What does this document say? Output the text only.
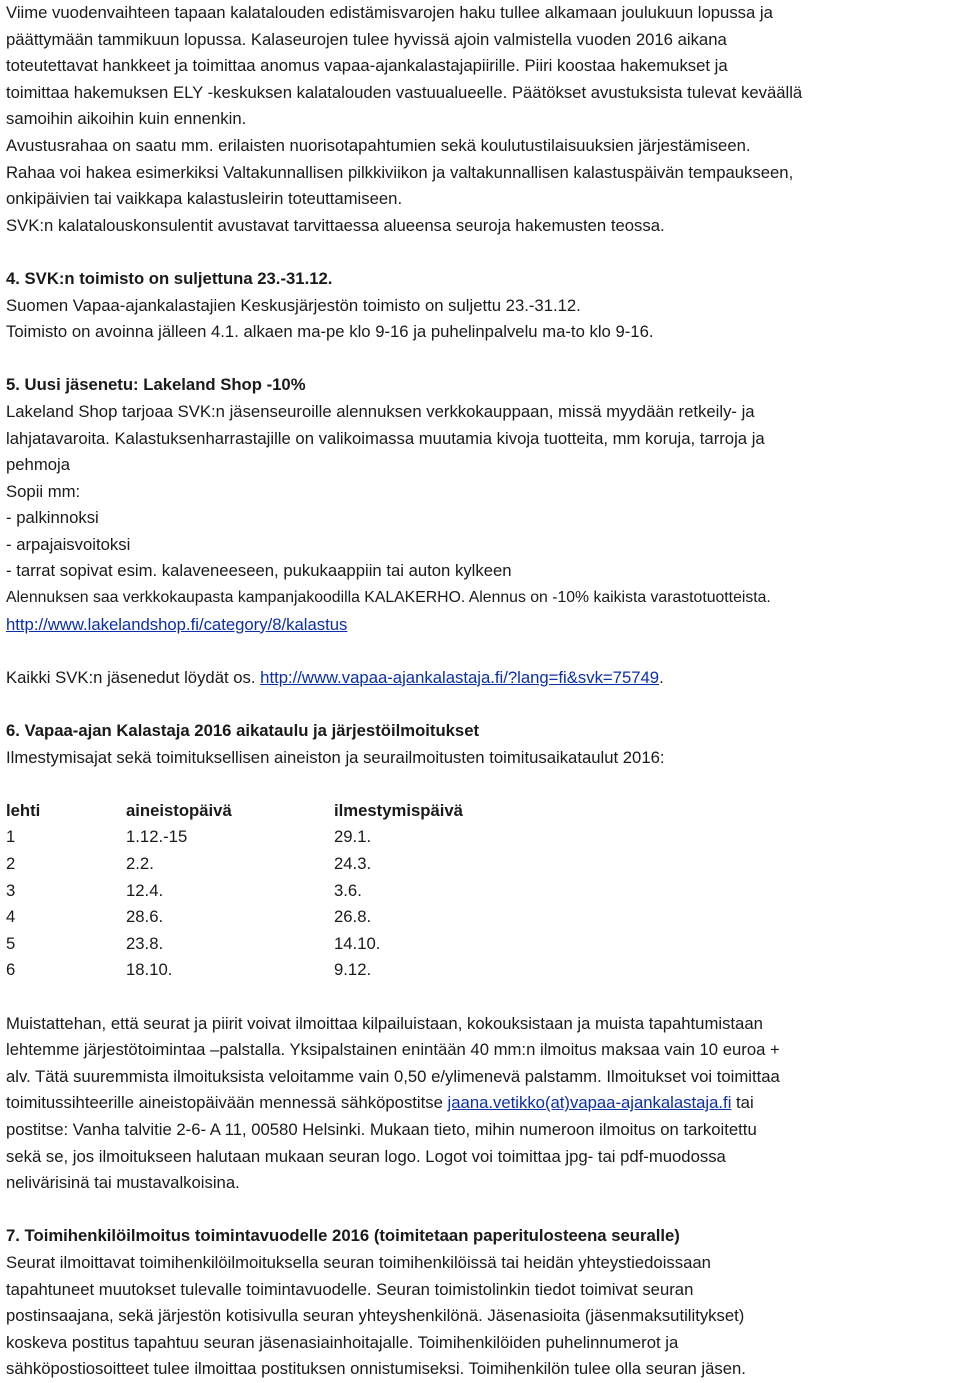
Viime vuodenvaihteen tapaan kalatalouden edistämisvarojen haku tullee alkamaan joulukuun lopussa ja
päättymään tammikuun lopussa. Kalaseurojen tulee hyvissä ajoin valmistella vuoden 2016 aikana
toteutettavat hankkeet ja toimittaa anomus vapaa-ajankalastajapiirille. Piiri koostaa hakemukset ja
toimittaa hakemuksen ELY -keskuksen kalatalouden vastuualueelle. Päätökset avustuksista tulevat keväällä
samoihin aikoihin kuin ennenkin.
Avustusrahaa on saatu mm. erilaisten nuorisotapahtumien sekä koulutustilaisuuksien järjestämiseen.
Rahaa voi hakea esimerkiksi Valtakunnallisen pilkkiviikon ja valtakunnallisen kalastuspäivän tempaukseen,
onkipäivien tai vaikkapa kalastusleirin toteuttamiseen.
SVK:n kalatalouskonsulentit avustavat tarvittaessa alueensa seuroja hakemusten teossa.
4. SVK:n toimisto on suljettuna 23.-31.12.
Suomen Vapaa-ajankalastajien Keskusjärjestön toimisto on suljettu 23.-31.12.
Toimisto on avoinna jälleen 4.1. alkaen ma-pe klo 9-16 ja puhelinpalvelu ma-to klo 9-16.
5. Uusi jäsenetu: Lakeland Shop -10%
Lakeland Shop tarjoaa SVK:n jäsenseuroille alennuksen verkkokauppaan, missä myydään retkeily- ja
lahjatavaroita. Kalastuksenharrastajille on valikoimassa muutamia kivoja tuotteita, mm koruja, tarroja ja
pehmoja
Sopii mm:
- palkinnoksi
- arpajaisvoitoksi
- tarrat sopivat esim. kalaveneeseen, pukukaappiin tai auton kylkeen
Alennuksen saa verkkokaupasta kampanjakoodilla KALAKERHO. Alennus on -10% kaikista varastotuotteista.
http://www.lakelandshop.fi/category/8/kalastus
Kaikki SVK:n jäsenedut löydät os. http://www.vapaa-ajankalastaja.fi/?lang=fi&svk=75749.
6. Vapaa-ajan Kalastaja 2016 aikataulu ja järjestöilmoitukset
Ilmestymisajat sekä toimituksellisen aineiston ja seurailmoitusten toimitusaikataulut 2016:
lehti	aineistopäivä	ilmestymispäivä
1	1.12.-15	29.1.
2	2.2.	24.3.
3	12.4.	3.6.
4	28.6.	26.8.
5	23.8.	14.10.
6	18.10.	9.12.
Muistattehan, että seurat ja piirit voivat ilmoittaa kilpailuistaan, kokouksistaan ja muista tapahtumistaan
lehtemme järjestötoimintaa –palstalla. Yksipalstainen enintään 40 mm:n ilmoitus maksaa vain 10 euroa +
alv. Tätä suuremmista ilmoituksista veloitamme vain 0,50 e/ylimenevä palstamm. Ilmoitukset voi toimittaa
toimitussihteerille aineistopäivään mennessä sähköpostitse jaana.vetikko(at)vapaa-ajankalastaja.fi tai
postitse: Vanha talvitie 2-6- A 11, 00580 Helsinki. Mukaan tieto, mihin numeroon ilmoitus on tarkoitettu
sekä se, jos ilmoitukseen halutaan mukaan seuran logo. Logot voi toimittaa jpg- tai pdf-muodossa
nelivärisinä tai mustavalkoisina.
7. Toimihenkilöilmoitus toimintavuodelle 2016 (toimitetaan paperitulosteena seuralle)
Seurat ilmoittavat toimihenkilöilmoituksella seuran toimihenkilöissä tai heidän yhteystiedoissaan
tapahtuneet muutokset tulevalle toimintavuodelle. Seuran toimistolinkin tiedot toimivat seuran
postinsaajana, sekä järjestön kotisivulla seuran yhteyshenkilönä. Jäsenasioita (jäsenmaksutilitykset)
koskeva postitus tapahtuu seuran jäsenasiainhoitajalle. Toimihenkilöiden puhelinnumerot ja
sähköpostiosoitteet tulee ilmoittaa postituksen onnistumiseksi. Toimihenkilön tulee olla seuran jäsen.
